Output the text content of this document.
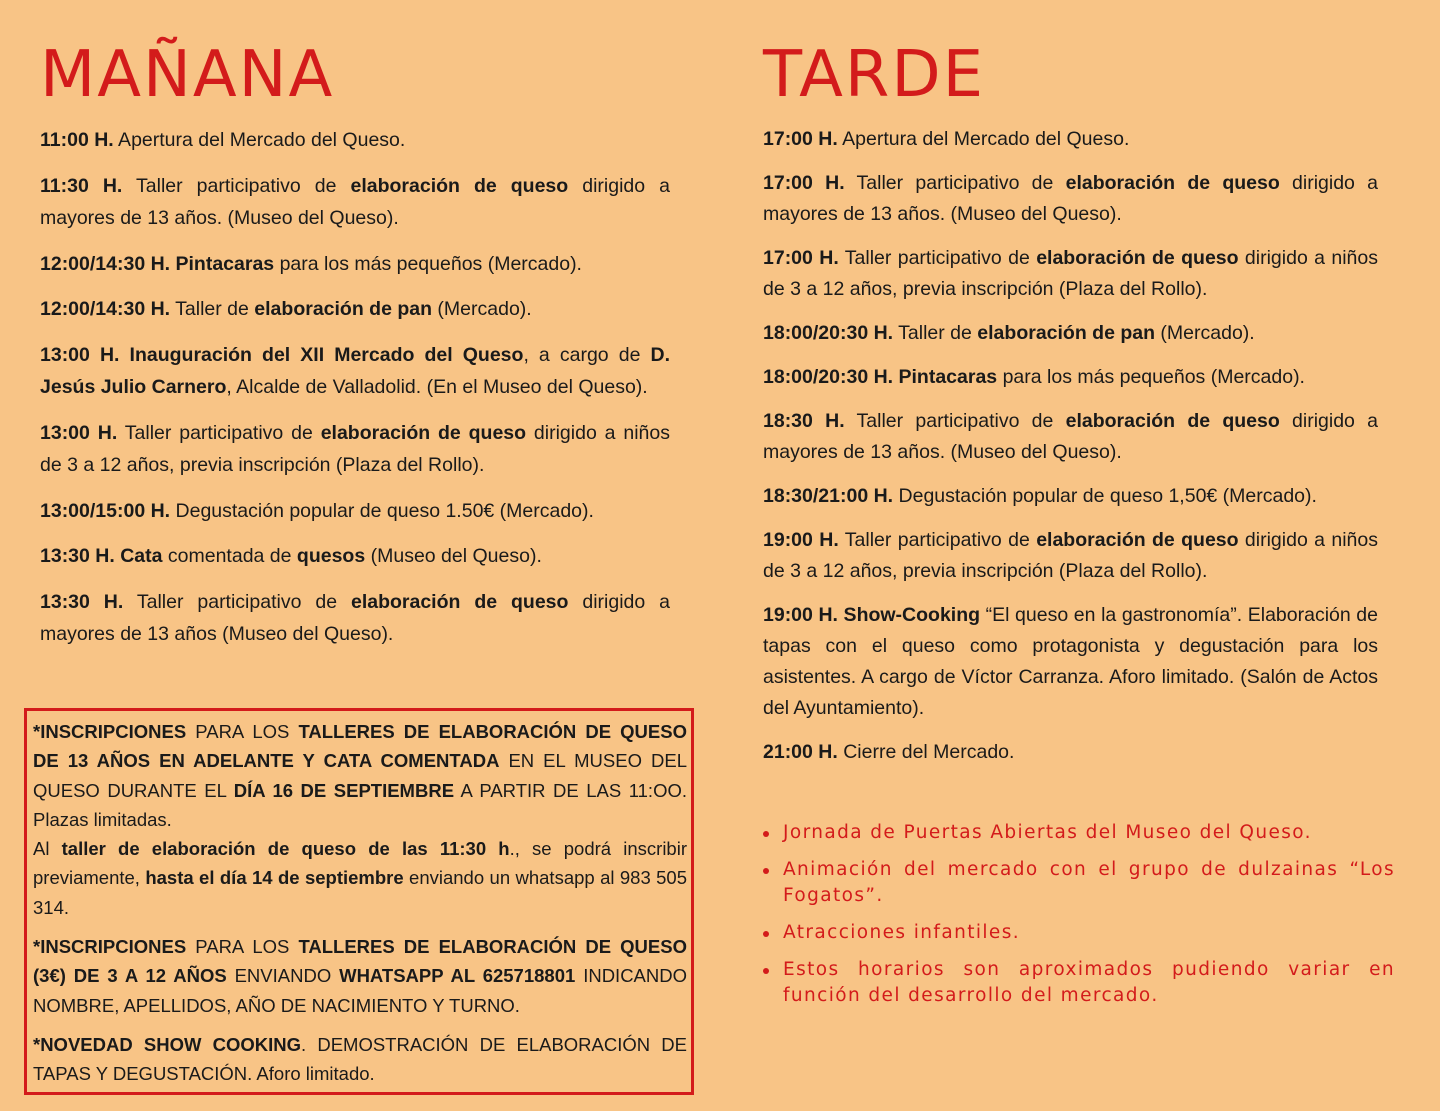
MAÑANA

11:00 H. Apertura del Mercado del Queso.

11:30 H. Taller participativo de elaboración de queso dirigido a mayores de 13 años. (Museo del Queso).

12:00/14:30 H. Pintacaras para los más pequeños (Mercado).

12:00/14:30 H. Taller de elaboración de pan (Mercado).

13:00 H. Inauguración del XII Mercado del Queso, a cargo de D. Jesús Julio Carnero, Alcalde de Valladolid. (En el Museo del Queso).

13:00 H. Taller participativo de elaboración de queso dirigido a niños de 3 a 12 años, previa inscripción (Plaza del Rollo).

13:00/15:00 H. Degustación popular de queso 1.50€ (Mercado).

13:30 H. Cata comentada de quesos (Museo del Queso).

13:30 H. Taller participativo de elaboración de queso dirigido a mayores de 13 años (Museo del Queso).

*INSCRIPCIONES PARA LOS TALLERES DE ELABORACIÓN DE QUESO DE 13 AÑOS EN ADELANTE Y CATA COMENTADA EN EL MUSEO DEL QUESO DURANTE EL DÍA 16 DE SEPTIEMBRE A PARTIR DE LAS 11:OO. Plazas limitadas.

Al taller de elaboración de queso de las 11:30 h., se podrá inscribir previamente, hasta el día 14 de septiembre enviando un whatsapp al 983 505 314.

*INSCRIPCIONES PARA LOS TALLERES DE ELABORACIÓN DE QUESO (3€) DE 3 A 12 AÑOS ENVIANDO WHATSAPP AL 625718801 INDICANDO NOMBRE, APELLIDOS, AÑO DE NACIMIENTO Y TURNO.

*NOVEDAD SHOW COOKING. DEMOSTRACIÓN DE ELABORACIÓN DE TAPAS Y DEGUSTACIÓN. Aforo limitado.

TARDE

17:00 H. Apertura del Mercado del Queso.

17:00 H. Taller participativo de elaboración de queso dirigido a mayores de 13 años. (Museo del Queso).

17:00 H. Taller participativo de elaboración de queso dirigido a niños de 3 a 12 años, previa inscripción (Plaza del Rollo).

18:00/20:30 H. Taller de elaboración de pan (Mercado).

18:00/20:30 H. Pintacaras para los más pequeños (Mercado).

18:30 H. Taller participativo de elaboración de queso dirigido a mayores de 13 años. (Museo del Queso).

18:30/21:00 H. Degustación popular de queso 1,50€ (Mercado).

19:00 H. Taller participativo de elaboración de queso dirigido a niños de 3 a 12 años, previa inscripción (Plaza del Rollo).

19:00 H. Show-Cooking “El queso en la gastronomía”. Elaboración de tapas con el queso como protagonista y degustación para los asistentes. A cargo de Víctor Carranza. Aforo limitado. (Salón de Actos del Ayuntamiento).

21:00 H. Cierre del Mercado.

Jornada de Puertas Abiertas del Museo del Queso.
Animación del mercado con el grupo de dulzainas “Los Fogatos”.
Atracciones infantiles.
Estos horarios son aproximados pudiendo variar en función del desarrollo del mercado.
